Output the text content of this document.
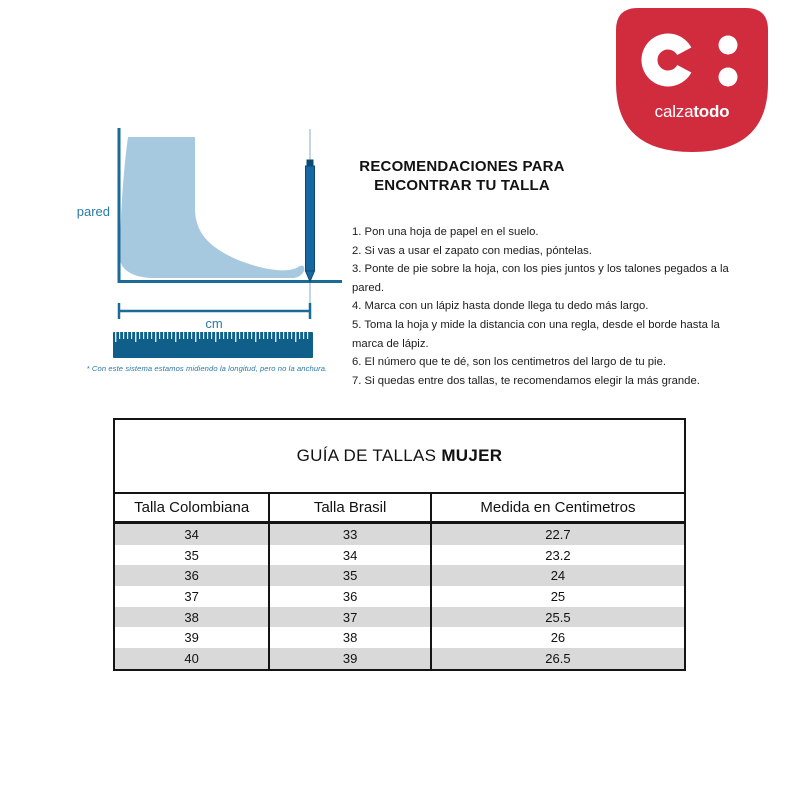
calzatodo
pared
cm
* Con este sistema estamos midiendo la longitud, pero no la anchura.
RECOMENDACIONES PARA
ENCONTRAR TU TALLA
1. Pon una hoja de papel en el suelo.
2. Si vas a usar el zapato con medias, póntelas.
3. Ponte de pie sobre la hoja, con los pies juntos y los talones pegados a la pared.
4. Marca con un lápiz hasta donde llega tu dedo más largo.
5. Toma la hoja y mide la distancia con una regla, desde el borde hasta la marca de lápiz.
6. El número que te dé, son los centimetros del largo de tu pie.
7. Si quedas entre dos tallas, te recomendamos elegir la más grande.
GUÍA DE TALLAS MUJER		
Talla Colombiana	Talla Brasil	Medida en Centimetros
34	33	22.7
35	34	23.2
36	35	24
37	36	25
38	37	25.5
39	38	26
40	39	26.5
